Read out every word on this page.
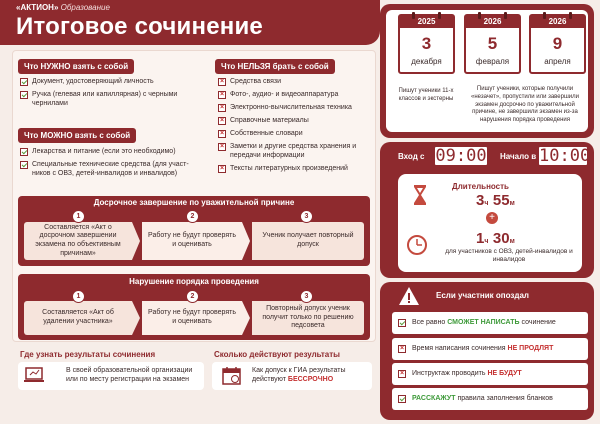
«АКТИОН» Образование
Итоговое сочинение
Что НУЖНО взять с собой
Документ, удостоверяющий личность
Ручка (гелевая или капиллярная) с черными чернилами
Что МОЖНО взять с собой
Лекарства и питание (если это необходимо)
Специальные технические средства (для участ-ников с ОВЗ, детей-инвалидов и инвалидов)
Что НЕЛЬЗЯ брать с собой
× Средства связи
× Фото-, аудио- и видеоаппаратура
× Электронно-вычислительная техника
× Справочные материалы
× Собственные словари
× Заметки и другие средства хранения и передачи информации
× Тексты литературных произведений
Досрочное завершение по уважительной причине
Составляется «Акт о досрочном завершении экзамена по объективным причинам»
Работу не будут проверять и оценивать
Ученик получает повторный допуск
1	2	3
Нарушение порядка проведения
Составляется «Акт об удалении участника»
Работу не будут проверять и оценивать
Повторный допуск ученик получит только по решению педсовета
1	2	3
Где узнать результаты сочинения
В своей образовательной организации или по месту регистрации на экзамен
Сколько действуют результаты
Как допуск к ГИА результаты действуют БЕССРОЧНО
2025
3
декабря
2026
5
февраля
2026
9
апреля
Пишут ученики 11-х классов и экстерны
Пишут ученики, которые получили «незачет», пропустили или завершили экзамен досрочно по уважительной причине, не завершили экзамен из-за нарушения порядка проведения
Вход с 09:00 Начало в 10:00
Длительность
3ч 55м
+
1ч 30м
для участников с ОВЗ, детей-инвалидов и инвалидов
Если участник опоздал
Все равно СМОЖЕТ НАПИСАТЬ сочинение
× Время написания сочинения НЕ ПРОДЛЯТ
× Инструктаж проводить НЕ БУДУТ
РАССКАЖУТ правила заполнения бланков
